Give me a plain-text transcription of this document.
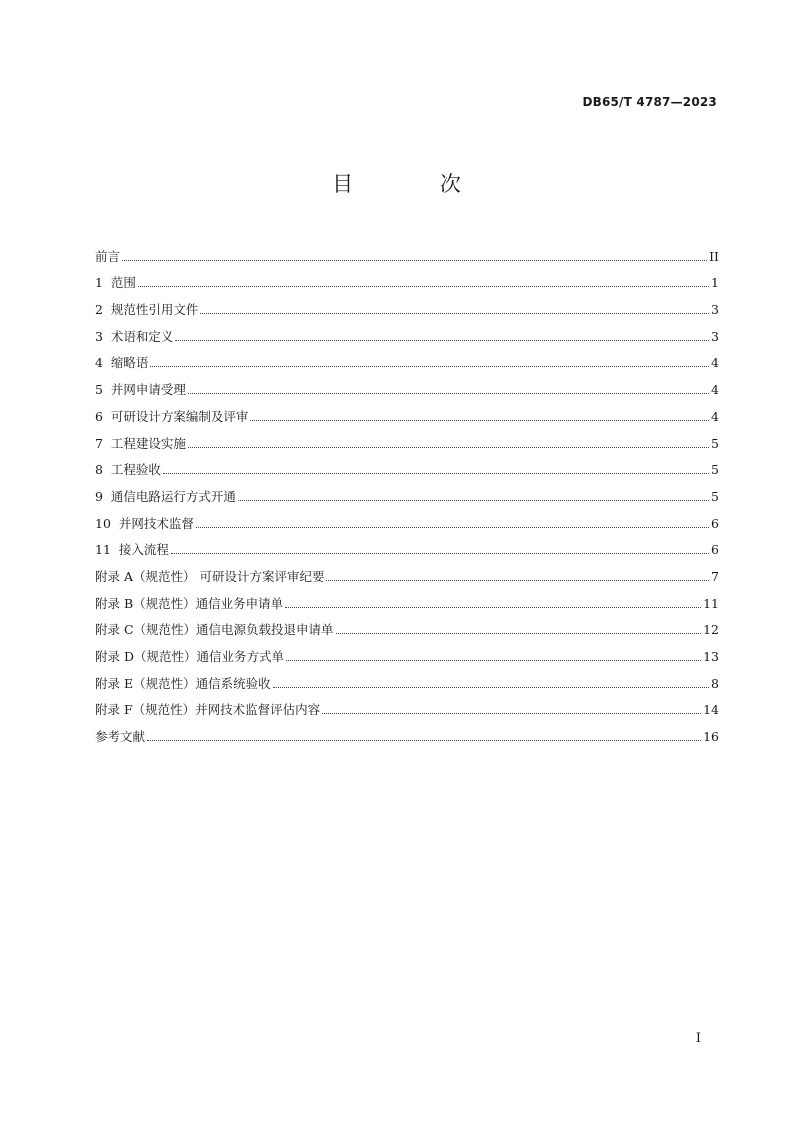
DB65/T 4787—2023
目 次
前言	II
1  范围	1
2  规范性引用文件	3
3  术语和定义	3
4  缩略语	4
5  并网申请受理	4
6  可研设计方案编制及评审	4
7  工程建设实施	5
8  工程验收	5
9  通信电路运行方式开通	5
10  并网技术监督	6
11  接入流程	6
附录 A（规范性） 可研设计方案评审纪要	7
附录 B（规范性）通信业务申请单	11
附录 C（规范性）通信电源负载投退申请单	12
附录 D（规范性）通信业务方式单	13
附录 E（规范性）通信系统验收	8
附录 F（规范性）并网技术监督评估内容	14
参考文献	16
I
